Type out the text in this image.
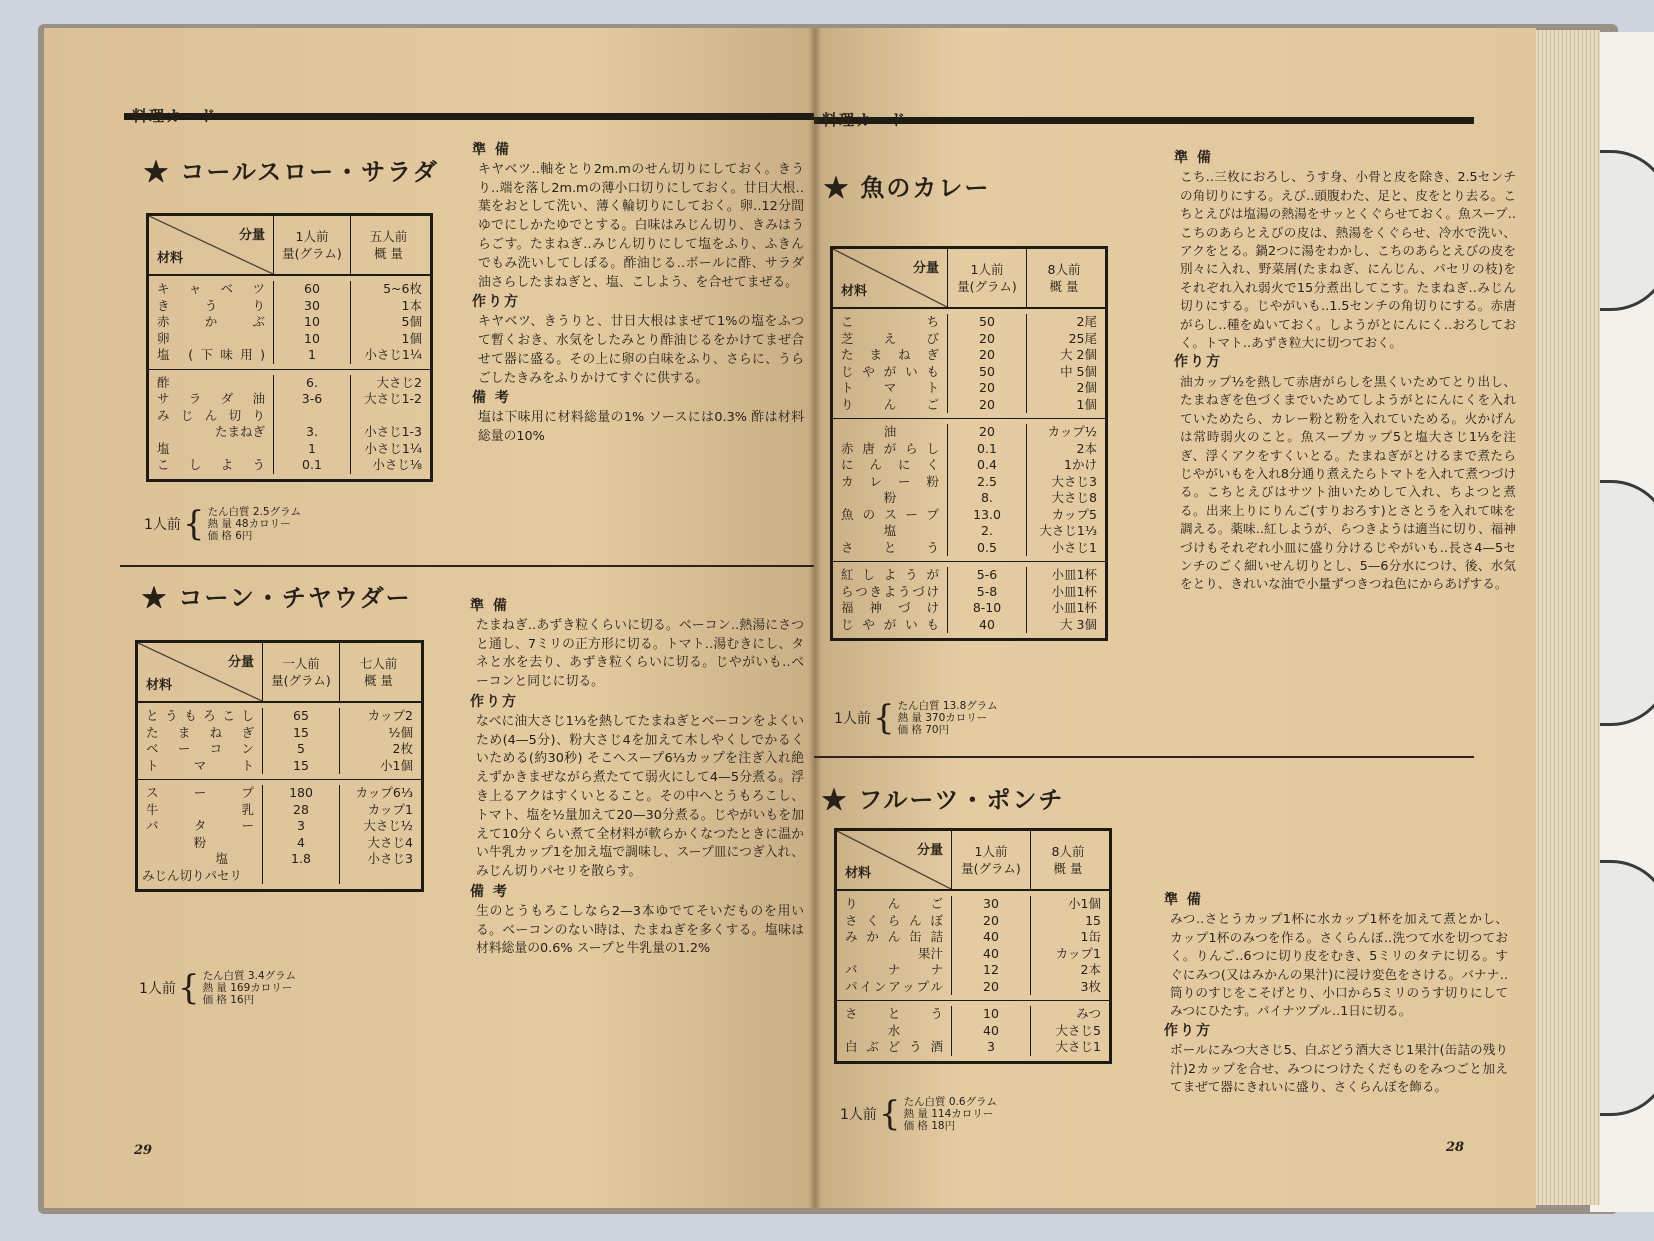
料理カード
★ コールスロー・サラダ
分量
材料
1人前
量(グラム)
五人前
概 量
キャベツ
きうり
赤かぶ
卵
塩 (下味用)
60
30
10
10
1
5~6枚
1本
5個
1個
小さじ1¼
酢
サラダ油
みじん切り
たまねぎ
塩
こしよう
6.
3-6

3.
1
0.1
大さじ2
大さじ1-2

小さじ1-3
小さじ1¼
小さじ⅛
1人前 { たん白質 2.5グラム
熱 量 48カロリー
価 格 6円
準 備

キヤベツ‥軸をとり2m.mのせん切りにしておく。きうり‥端を落し2m.mの薄小口切りにしておく。廿日大根‥葉をおとして洗い、薄く輪切りにしておく。卵‥12分間ゆでにしかたゆでとする。白味はみじん切り、きみはうらごす。たまねぎ‥みじん切りにして塩をふり、ふきんでもみ洗いしてしぼる。酢油じる‥ボールに酢、サラダ油さらしたまねぎと、塩、こしよう、を合せてまぜる。

作り方

キヤベツ、きうりと、廿日大根はまぜて1%の塩をふつて暫くおき、水気をしたみとり酢油じるをかけてまぜ合せて器に盛る。その上に卵の白味をふり、さらに、うらごしたきみをふりかけてすぐに供する。

備 考

塩は下味用に材料総量の1% ソースには0.3% 酢は材料総量の10%

★ コーン・チヤウダー
分量
材料
一人前
量(グラム)
七人前
概 量
とうもろこし
たまねぎ
ベーコン
トマト
65
15
5
15
カップ2
½個
2枚
小1個
スープ
牛乳
バター
粉
塩
みじん切りパセリ
180
28
3
4
1.8

カップ6⅓
カップ1
大さじ½
大さじ4
小さじ3

1人前 { たん白質 3.4グラム
熱 量 169カロリー
価 格 16円
準 備

たまねぎ‥あずき粒くらいに切る。ベーコン‥熱湯にさつと通し、7ミリの正方形に切る。トマト‥湯むきにし、タネと水を去り、あずき粒くらいに切る。じやがいも‥ベーコンと同じに切る。

作り方

なべに油大さじ1⅓を熱してたまねぎとベーコンをよくいため(4—5分)、粉大さじ4を加えて木しやくしでかるくいためる(約30秒) そこへスープ6⅓カップを注ぎ入れ絶えずかきまぜながら煮たてて弱火にして4—5分煮る。浮き上るアクはすくいとること。その中へとうもろこし、トマト、塩を½量加えて20—30分煮る。じやがいもを加えて10分くらい煮て全材料が軟らかくなつたときに温かい牛乳カップ1を加え塩で調味し、スープ皿につぎ入れ、みじん切りパセリを散らす。

備 考

生のとうもろこしなら2—3本ゆでてそいだものを用いる。ベーコンのない時は、たまねぎを多くする。塩味は材料総量の0.6% スープと牛乳量の1.2%

29
料理カード
★ 魚のカレー
分量
材料
1人前
量(グラム)
8人前
概 量
こち
芝えび
たまねぎ
じやがいも
トマト
りんご
50
20
20
50
20
20
2尾
25尾
大 2個
中 5個
2個
1個
油
赤唐がらし
にんにく
カレー粉
粉
魚のスープ
塩
さとう
20
0.1
0.4
2.5
8.
13.0
2.
0.5
カップ½
2本
1かけ
大さじ3
大さじ8
カップ5
大さじ1⅓
小さじ1
紅しようが
らつきようづけ
福神づけ
じやがいも
5-6
5-8
8-10
40
小皿1杯
小皿1杯
小皿1杯
大 3個
1人前 { たん白質 13.8グラム
熱 量 370カロリー
価 格 70円
準 備

こち‥三枚におろし、うす身、小骨と皮を除き、2.5センチの角切りにする。えび‥頭腹わた、足と、皮をとり去る。こちとえびは塩湯の熱湯をサッとくぐらせておく。魚スープ‥こちのあらとえびの皮は、熱湯をくぐらせ、冷水で洗い、アクをとる。鍋2つに湯をわかし、こちのあらとえびの皮を別々に入れ、野菜屑(たまねぎ、にんじん、パセリの枝)をそれぞれ入れ弱火で15分煮出してこす。たまねぎ‥みじん切りにする。じやがいも‥1.5センチの角切りにする。赤唐がらし‥種をぬいておく。しようがとにんにく‥おろしておく。トマト‥あずき粒大に切つておく。

作り方

油カップ½を熱して赤唐がらしを黒くいためてとり出し、たまねぎを色づくまでいためてしようがとにんにくを入れていためたら、カレー粉と粉を入れていためる。火かげんは常時弱火のこと。魚スープカップ5と塩大さじ1⅓を注ぎ、浮くアクをすくいとる。たまねぎがとけるまで煮たらじやがいもを入れ8分通り煮えたらトマトを入れて煮つづける。こちとえびはサツト油いためして入れ、ちよつと煮る。出来上りにりんご(すりおろす)とさとうを入れて味を調える。薬味‥紅しようが、らつきようは適当に切り、福神づけもそれぞれ小皿に盛り分けるじやがいも‥長さ4—5センチのごく細いせん切りとし、5—6分水につけ、後、水気をとり、きれいな油で小量ずつきつね色にからあげする。

★ フルーツ・ポンチ
分量
材料
1人前
量(グラム)
8人前
概 量
りんご
さくらんぼ
みかん缶詰
果汁
バナナ
パインアップル
30
20
40
40
12
20
小1個
15
1缶
カップ1
2本
3枚
さとう
水
白ぶどう酒
10
40
3
みつ
大さじ5
大さじ1
1人前 { たん白質 0.6グラム
熱 量 114カロリー
価 格 18円
準 備

みつ‥さとうカップ1杯に水カップ1杯を加えて煮とかし、カップ1杯のみつを作る。さくらんぼ‥洗つて水を切つておく。りんご‥6つに切り皮をむき、5ミリのタテに切る。すぐにみつ(又はみかんの果汁)に浸け変色をさける。バナナ‥筒りのすじをこそげとり、小口から5ミリのうす切りにしてみつにひたす。パイナツプル‥1日に切る。

作り方

ボールにみつ大さじ5、白ぶどう酒大さじ1果汁(缶詰の残り汁)2カップを合せ、みつにつけたくだものをみつごと加えてまぜて器にきれいに盛り、さくらんぼを飾る。

28
